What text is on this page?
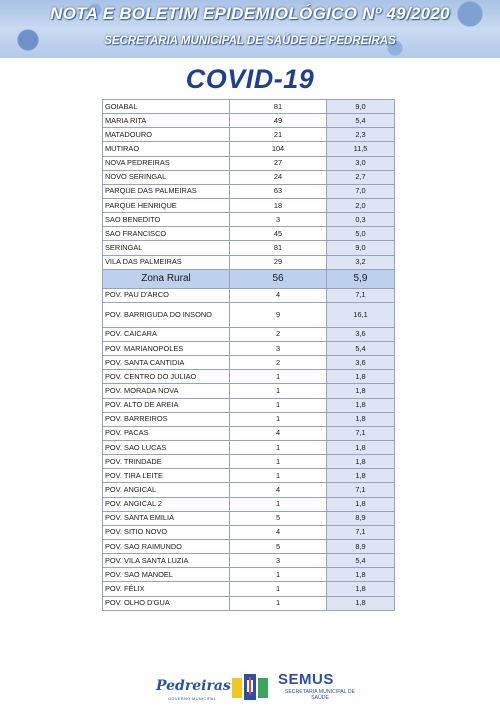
NOTA E BOLETIM EPIDEMIOLÓGICO Nº 49/2020
SECRETARIA MUNICIPAL DE SAÚDE DE PEDREIRAS
COVID-19
GOIABAL	81	9,0
MARIA RITA	49	5,4
MATADOURO	21	2,3
MUTIRAO	104	11,5
NOVA PEDREIRAS	27	3,0
NOVO SERINGAL	24	2,7
PARQUE DAS PALMEIRAS	63	7,0
PARQUE HENRIQUE	18	2,0
SAO BENEDITO	3	0,3
SAO FRANCISCO	45	5,0
SERINGAL	81	9,0
VILA DAS PALMEIRAS	29	3,2
Zona Rural	56	5,9
POV. PAU D'ARCO	4	7,1
POV. BARRIGUDA DO INSONO	9	16,1
POV. CAICARA	2	3,6
POV. MARIANOPOLES	3	5,4
POV. SANTA CANTIDIA	2	3,6
POV. CENTRO DO JULIAO	1	1,8
POV. MORADA NOVA	1	1,8
POV. ALTO DE AREIA	1	1,8
POV. BARREIROS	1	1,8
POV. PACAS	4	7,1
POV. SAO LUCAS	1	1,8
POV. TRINDADE	1	1,8
POV. TIRA LEITE	1	1,8
POV. ANGICAL	4	7,1
POV. ANGICAL 2	1	1,8
POV. SANTA EMILIA	5	8,9
POV. SITIO NOVO	4	7,1
POV. SAO RAIMUNDO	5	8,9
POV. VILA SANTA LUZIA	3	5,4
POV. SAO MANOEL	1	1,8
POV. FÉLIX	1	1,8
POV. OLHO D'GUA	1	1,8
Pedreiras
GOVERNO MUNICIPAL
SEMUS
SECRETARIA MUNICIPAL DE SAÚDE
